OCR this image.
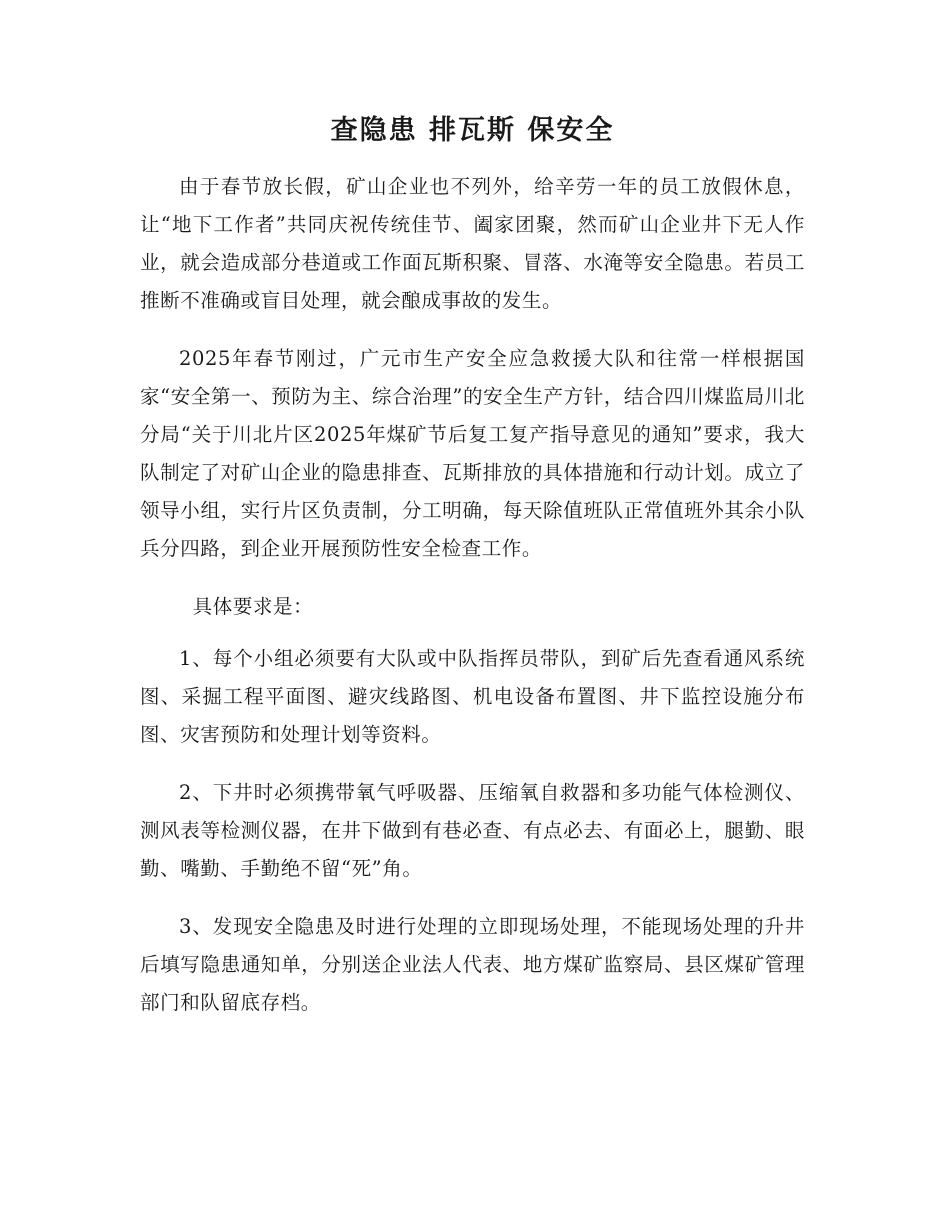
查隐患 排瓦斯 保安全

由于春节放长假，矿山企业也不列外，给辛劳一年的员工放假休息，让“地下工作者”共同庆祝传统佳节、阖家团聚，然而矿山企业井下无人作业，就会造成部分巷道或工作面瓦斯积聚、冒落、水淹等安全隐患。若员工推断不准确或盲目处理，就会酿成事故的发生。

2025年春节刚过，广元市生产安全应急救援大队和往常一样根据国家“安全第一、预防为主、综合治理”的安全生产方针，结合四川煤监局川北分局“关于川北片区2025年煤矿节后复工复产指导意见的通知”要求，我大队制定了对矿山企业的隐患排查、瓦斯排放的具体措施和行动计划。成立了领导小组，实行片区负责制，分工明确，每天除值班队正常值班外其余小队兵分四路，到企业开展预防性安全检查工作。

具体要求是：

1、每个小组必须要有大队或中队指挥员带队，到矿后先查看通风系统图、采掘工程平面图、避灾线路图、机电设备布置图、井下监控设施分布图、灾害预防和处理计划等资料。

2、下井时必须携带氧气呼吸器、压缩氧自救器和多功能气体检测仪、测风表等检测仪器，在井下做到有巷必查、有点必去、有面必上，腿勤、眼勤、嘴勤、手勤绝不留“死”角。

3、发现安全隐患及时进行处理的立即现场处理，不能现场处理的升井后填写隐患通知单，分别送企业法人代表、地方煤矿监察局、县区煤矿管理部门和队留底存档。
